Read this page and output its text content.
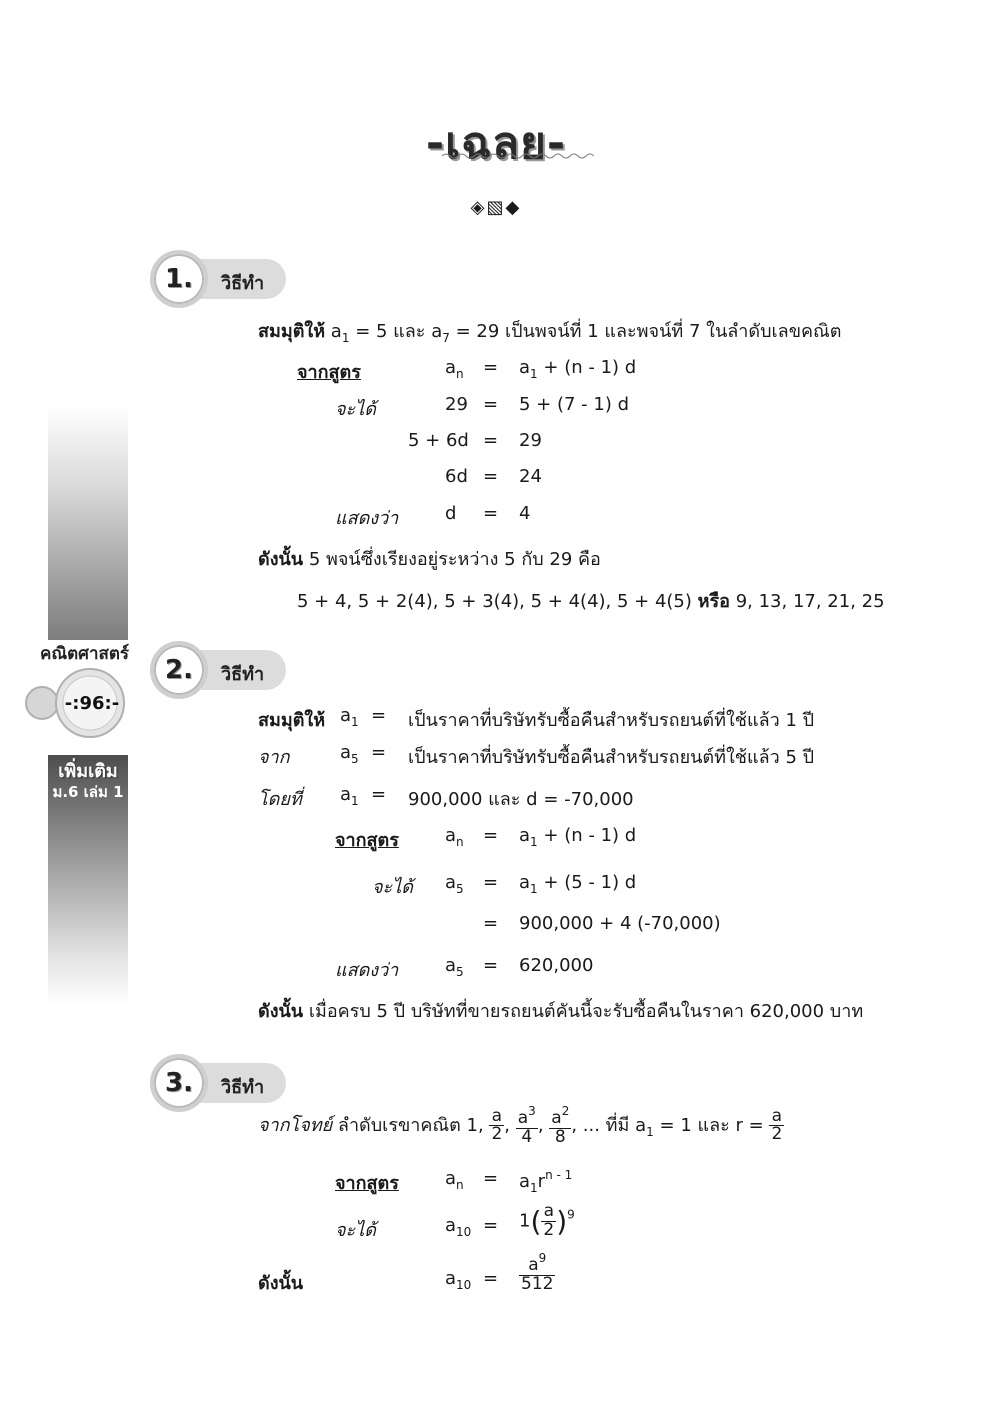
-เฉลย-
◈▧◆
คณิตศาสตร์
-:96:-
เพิ่มเติม
ม.6 เล่ม 1
1.	วิธีทำ
สมมุติให้ $a_1 = 5$ และ $a_7 = 29$ เป็นพจน์ที่ 1 และพจน์ที่ 7 ในลำดับเลขคณิต
จากสูตร	$a_n = a_1 + (n - 1)$ d
จะได้	29 = 5 + (7 - 1) d
5 + 6d = 29
6d = 24
แสดงว่า	d = 4
ดังนั้น 5 พจน์ซึ่งเรียงอยู่ระหว่าง 5 กับ 29 คือ
5 + 4, 5 + 2(4), 5 + 3(4), 5 + 4(4), 5 + 4(5) หรือ 9, 13, 17, 21, 25
2.	วิธีทำ
สมมุติให้ $a_1$ = เป็นราคาที่บริษัทรับซื้อคืนสำหรับรถยนต์ที่ใช้แล้ว 1 ปี
จาก	$a_5$ = เป็นราคาที่บริษัทรับซื้อคืนสำหรับรถยนต์ที่ใช้แล้ว 5 ปี
โดยที่ $a_1 = 900,000$ และ d = -70,000
จากสูตร	$a_n = a_1 + (n - 1)$ d
จะได้ $a_5 = a_1 + (5 - 1)$ d
= 900,000 + 4 (-70,000)
แสดงว่า	$a_5 = 620,000$
ดังนั้น เมื่อครบ 5 ปี บริษัทที่ขายรถยนต์คันนี้จะรับซื้อคืนในราคา 620,000 บาท
3.	วิธีทำ
จากโจทย์ ลำดับเรขาคณิต 1, $\frac{a}{2}$ , $\frac{a^3}{4}$ , $\frac{a^2}{8}$ , ... ที่มี $a_1 = 1$ และ $r = \frac{a}{2}$
จากสูตร	$a_n = a_1r^{n - 1}$
จะได้	$a_{10} = 1( \frac{a}{2} )^9$
ดังนั้น	$a_{10} = \frac{a^9}{512}$
